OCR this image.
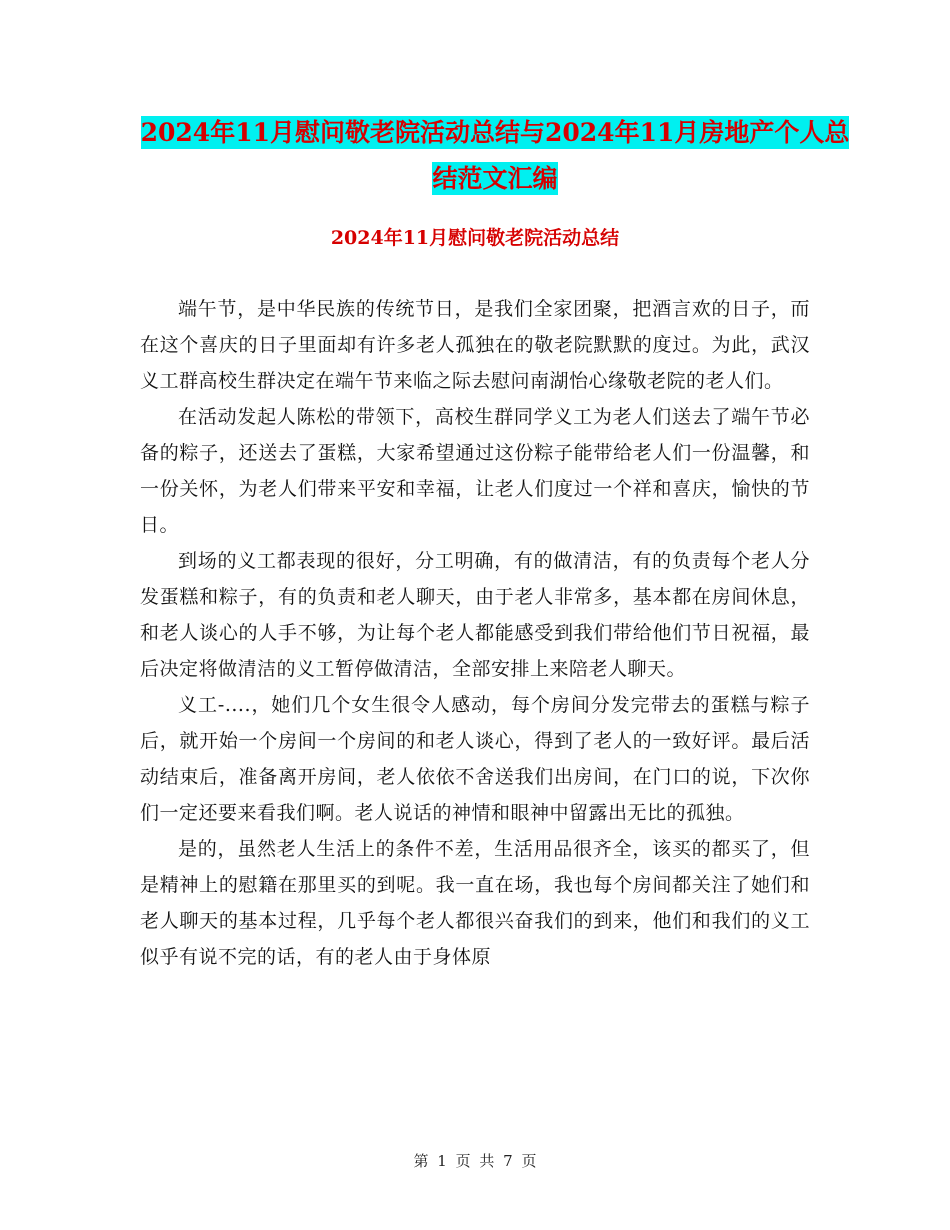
2024年11月慰问敬老院活动总结与2024年11月房地产个人总结范文汇编
2024年11月慰问敬老院活动总结

端午节，是中华民族的传统节日，是我们全家团聚，把酒言欢的日子，而在这个喜庆的日子里面却有许多老人孤独在的敬老院默默的度过。为此，武汉义工群高校生群决定在端午节来临之际去慰问南湖怡心缘敬老院的老人们。

在活动发起人陈松的带领下，高校生群同学义工为老人们送去了端午节必备的粽子，还送去了蛋糕，大家希望通过这份粽子能带给老人们一份温馨，和一份关怀，为老人们带来平安和幸福，让老人们度过一个祥和喜庆，愉快的节日。

到场的义工都表现的很好，分工明确，有的做清洁，有的负责每个老人分发蛋糕和粽子，有的负责和老人聊天，由于老人非常多，基本都在房间休息，和老人谈心的人手不够，为让每个老人都能感受到我们带给他们节日祝福，最后决定将做清洁的义工暂停做清洁，全部安排上来陪老人聊天。

义工-....，她们几个女生很令人感动，每个房间分发完带去的蛋糕与粽子后，就开始一个房间一个房间的和老人谈心，得到了老人的一致好评。最后活动结束后，准备离开房间，老人依依不舍送我们出房间，在门口的说，下次你们一定还要来看我们啊。老人说话的神情和眼神中留露出无比的孤独。

是的，虽然老人生活上的条件不差，生活用品很齐全，该买的都买了，但是精神上的慰籍在那里买的到呢。我一直在场，我也每个房间都关注了她们和老人聊天的基本过程，几乎每个老人都很兴奋我们的到来，他们和我们的义工似乎有说不完的话，有的老人由于身体原

第 1 页 共 7 页
